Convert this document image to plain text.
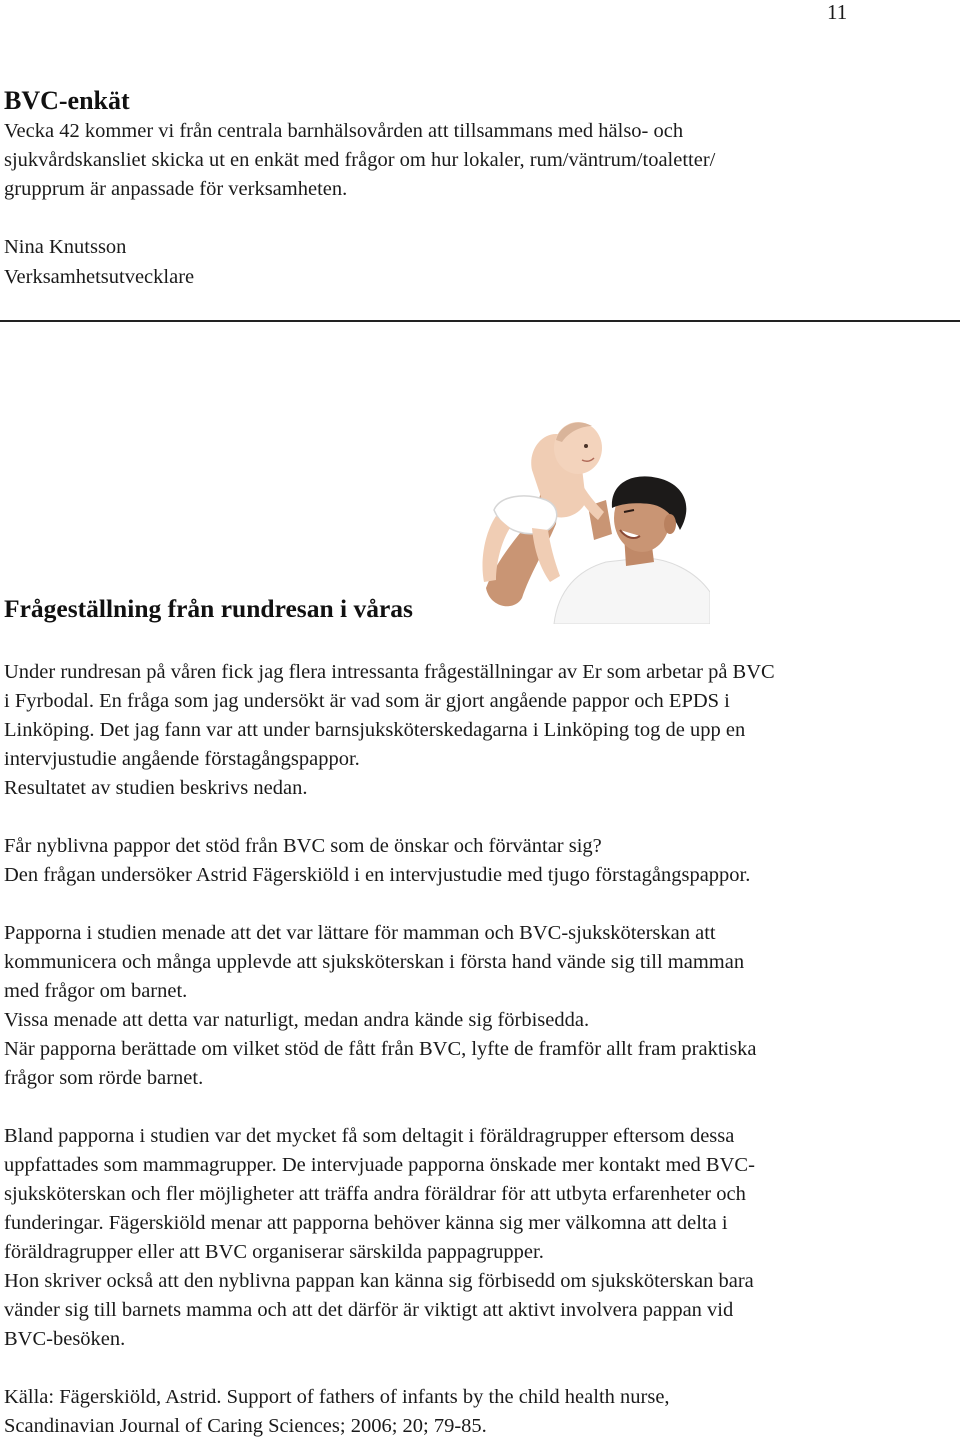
11
BVC-enkät
Vecka 42 kommer vi från centrala barnhälsovården att tillsammans med hälso- och
sjukvårdskansliet skicka ut en enkät med frågor om hur lokaler, rum/väntrum/toaletter/
grupprum är anpassade för verksamheten.
Nina Knutsson
Verksamhetsutvecklare
Frågeställning från rundresan i våras

Under rundresan på våren fick jag flera intressanta frågeställningar av Er som arbetar på BVC

i Fyrbodal. En fråga som jag undersökt är vad som är gjort angående pappor och EPDS i

Linköping. Det jag fann var att under barnsjuksköterskedagarna i Linköping tog de upp en

intervjustudie angående förstagångspappor.

Resultatet av studien beskrivs nedan.

Får nyblivna pappor det stöd från BVC som de önskar och förväntar sig?

Den frågan undersöker Astrid Fägerskiöld i en intervjustudie med tjugo förstagångspappor.

Papporna i studien menade att det var lättare för mamman och BVC-sjuksköterskan att

kommunicera och många upplevde att sjuksköterskan i första hand vände sig till mamman

med frågor om barnet.

Vissa menade att detta var naturligt, medan andra kände sig förbisedda.

När papporna berättade om vilket stöd de fått från BVC, lyfte de framför allt fram praktiska

frågor som rörde barnet.

Bland papporna i studien var det mycket få som deltagit i föräldragrupper eftersom dessa

uppfattades som mammagrupper. De intervjuade papporna önskade mer kontakt med BVC-

sjuksköterskan och fler möjligheter att träffa andra föräldrar för att utbyta erfarenheter och

funderingar. Fägerskiöld menar att papporna behöver känna sig mer välkomna att delta i

föräldragrupper eller att BVC organiserar särskilda pappagrupper.

Hon skriver också att den nyblivna pappan kan känna sig förbisedd om sjuksköterskan bara

vänder sig till barnets mamma och att det därför är viktigt att aktivt involvera pappan vid

BVC-besöken.

Källa: Fägerskiöld, Astrid. Support of fathers of infants by the child health nurse,

Scandinavian Journal of Caring Sciences; 2006; 20; 79-85.
